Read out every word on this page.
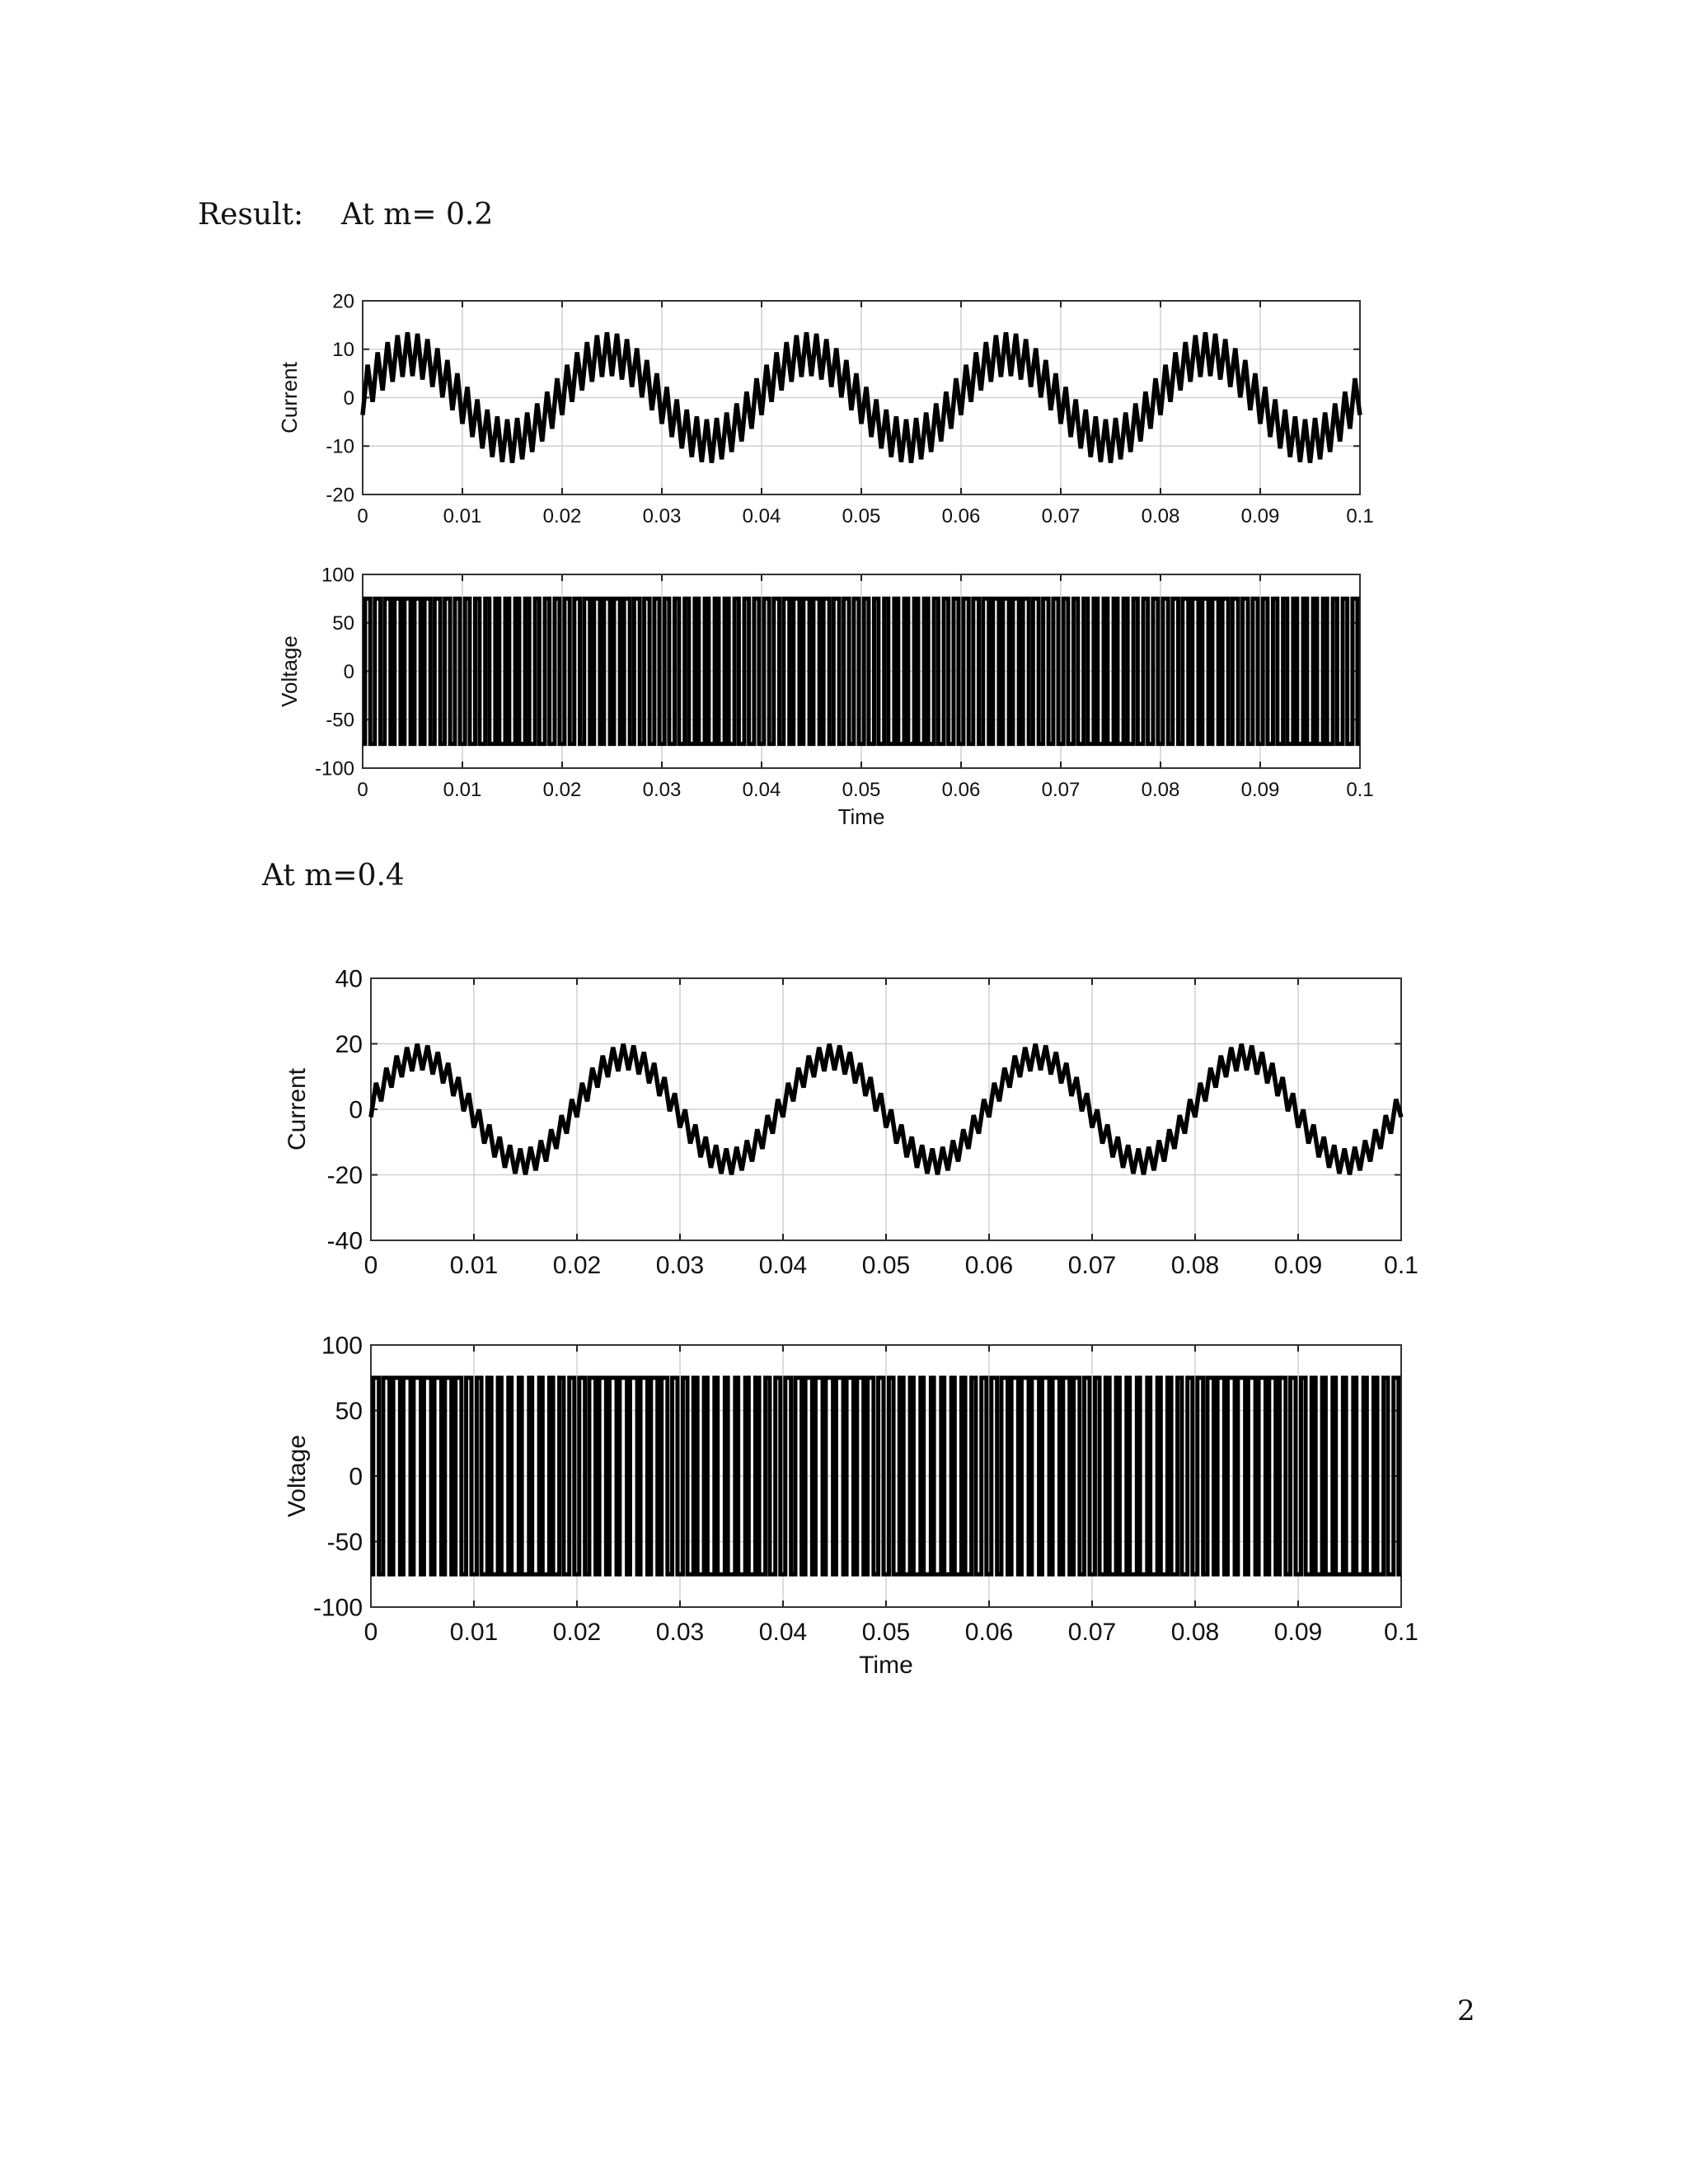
Result:    At m= 0.2
At m=0.4
0	0.01	0.02	0.03	0.04	0.05	0.06	0.07	0.08	0.09	0.1
20
10
0
-10
-20
Current
0	0.01	0.02	0.03	0.04	0.05	0.06	0.07	0.08	0.09	0.1
100
50
0
-50
-100
Voltage
Time
0	0.01 0.02 0.03 0.04 0.05 0.06 0.07 0.08 0.09 0.1
40
20
0
-20
-40
Current
0	0.01 0.02 0.03 0.04 0.05 0.06 0.07 0.08 0.09 0.1
100
50
0
-50
-100
Voltage
Time
2
